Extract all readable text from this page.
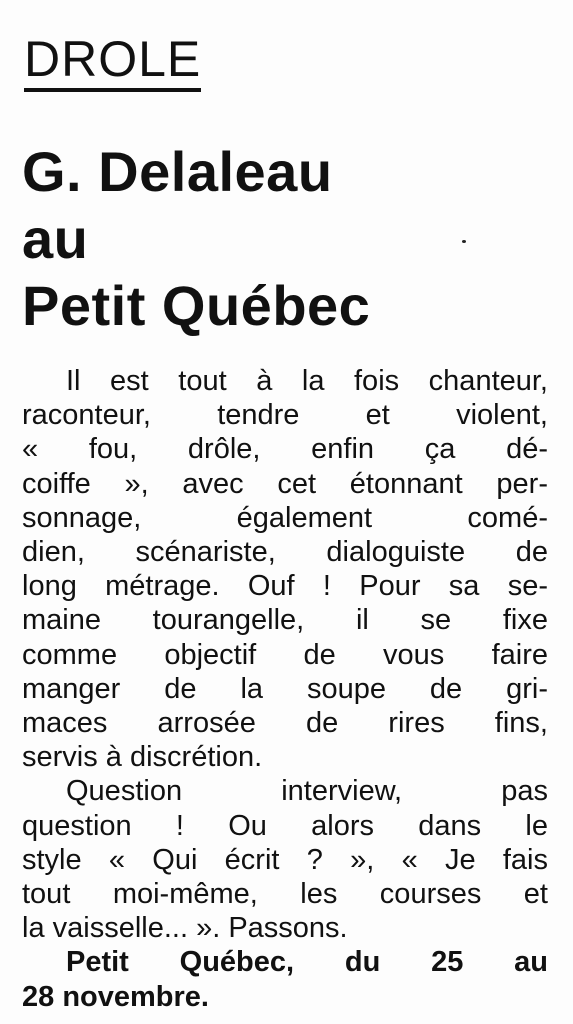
DROLE
G. Delaleau
au
Petit Québec
Il est tout à la fois chanteur,
raconteur, tendre et violent,
« fou, drôle, enfin ça dé-
coiffe », avec cet étonnant per-
sonnage, également comé-
dien, scénariste, dialoguiste de
long métrage. Ouf ! Pour sa se-
maine tourangelle, il se fixe
comme objectif de vous faire
manger de la soupe de gri-
maces arrosée de rires fins,
servis à discrétion.
Question interview, pas
question ! Ou alors dans le
style « Qui écrit ? », « Je fais
tout moi-même, les courses et
la vaisselle... ». Passons.
Petit Québec, du 25 au
28 novembre.
